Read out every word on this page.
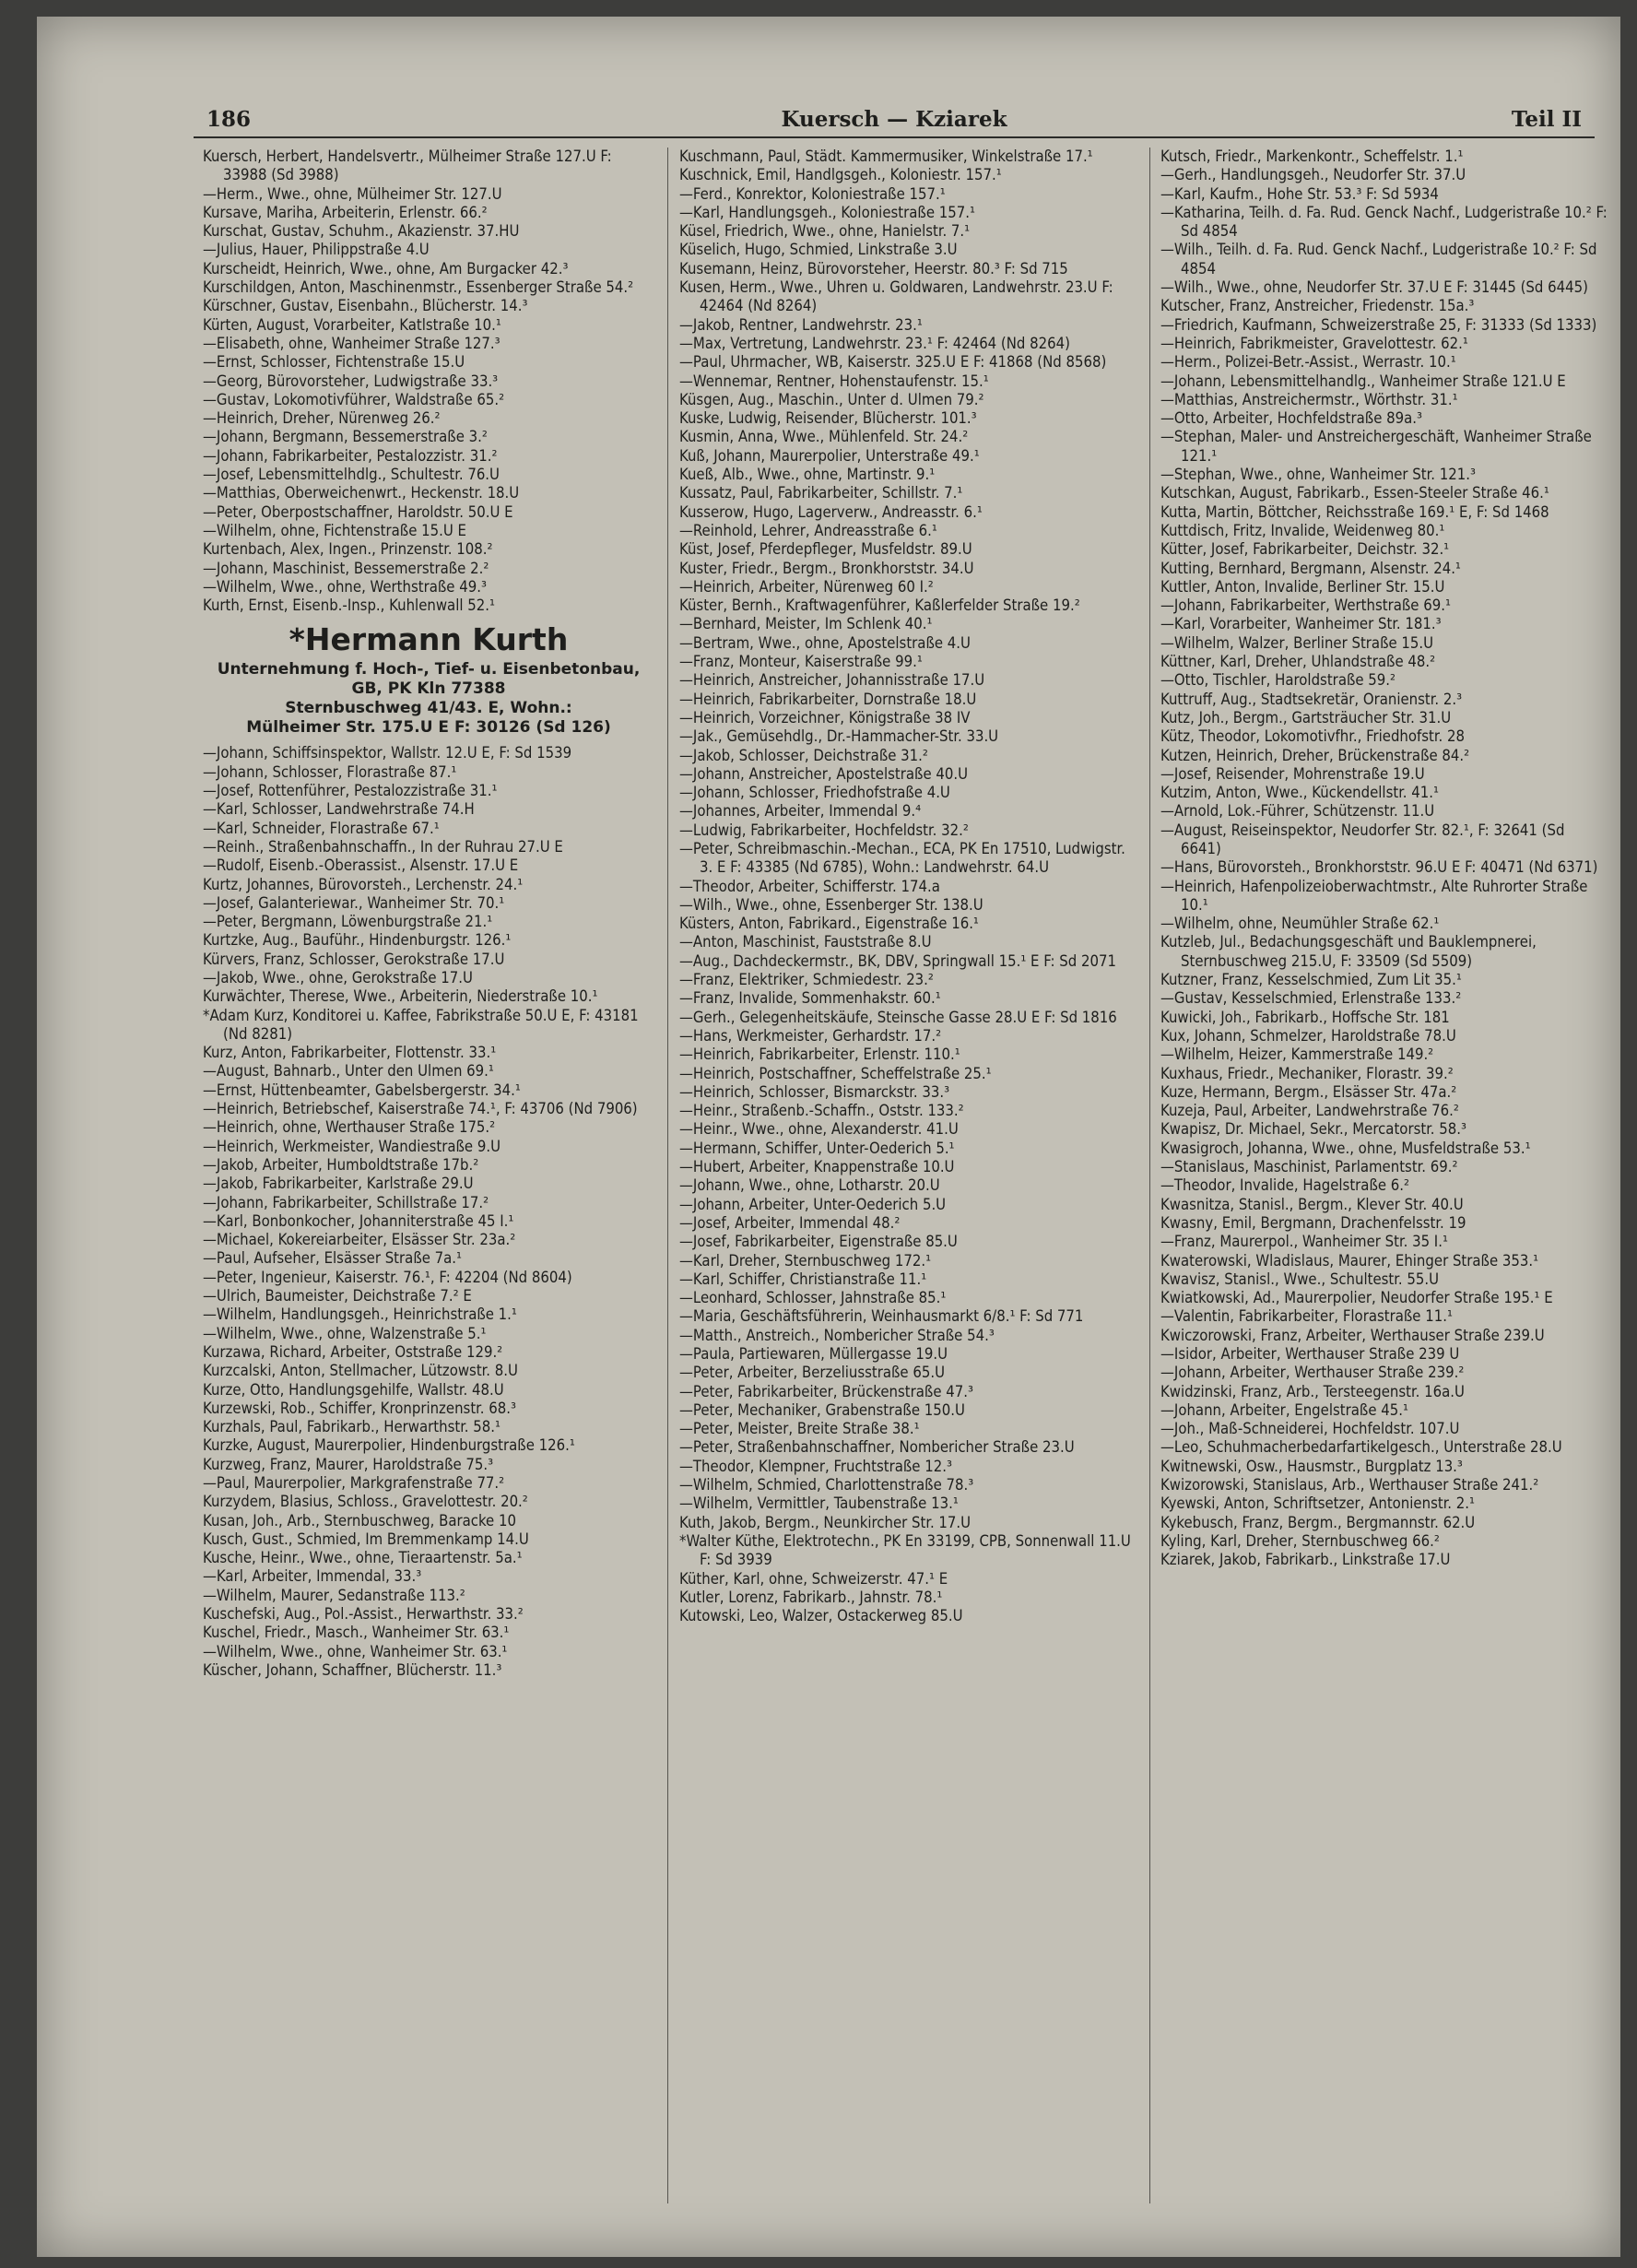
186	Kuersch — Kziarek	Teil II
Kuersch, Herbert, Handelsvertr., Mülheimer Straße 127.U F: 33988 (Sd 3988)
—Herm., Wwe., ohne, Mülheimer Str. 127.U
Kursave, Mariha, Arbeiterin, Erlenstr. 66.²
Kurschat, Gustav, Schuhm., Akazienstr. 37.HU
—Julius, Hauer, Philippstraße 4.U
Kurscheidt, Heinrich, Wwe., ohne, Am Burgacker 42.³
Kurschildgen, Anton, Maschinenmstr., Essenberger Straße 54.²
Kürschner, Gustav, Eisenbahn., Blücherstr. 14.³
Kürten, August, Vorarbeiter, Katlstraße 10.¹
—Elisabeth, ohne, Wanheimer Straße 127.³
—Ernst, Schlosser, Fichtenstraße 15.U
—Georg, Bürovorsteher, Ludwigstraße 33.³
—Gustav, Lokomotivführer, Waldstraße 65.²
—Heinrich, Dreher, Nürenweg 26.²
—Johann, Bergmann, Bessemerstraße 3.²
—Johann, Fabrikarbeiter, Pestalozzistr. 31.²
—Josef, Lebensmittelhdlg., Schultestr. 76.U
—Matthias, Oberweichenwrt., Heckenstr. 18.U
—Peter, Oberpostschaffner, Haroldstr. 50.U E
—Wilhelm, ohne, Fichtenstraße 15.U E
Kurtenbach, Alex, Ingen., Prinzenstr. 108.²
—Johann, Maschinist, Bessemerstraße 2.²
—Wilhelm, Wwe., ohne, Werthstraße 49.³
Kurth, Ernst, Eisenb.-Insp., Kuhlenwall 52.¹
*Hermann Kurth
Unternehmung f. Hoch-, Tief- u. Eisenbetonbau, GB, PK Kln 77388
Sternbuschweg 41/43. E, Wohn.:
Mülheimer Str. 175.U E F: 30126 (Sd 126)
—Johann, Schiffsinspektor, Wallstr. 12.U E, F: Sd 1539
—Johann, Schlosser, Florastraße 87.¹
—Josef, Rottenführer, Pestalozzistraße 31.¹
—Karl, Schlosser, Landwehrstraße 74.H
—Karl, Schneider, Florastraße 67.¹
—Reinh., Straßenbahnschaffn., In der Ruhrau 27.U E
—Rudolf, Eisenb.-Oberassist., Alsenstr. 17.U E
Kurtz, Johannes, Bürovorsteh., Lerchenstr. 24.¹
—Josef, Galanteriewar., Wanheimer Str. 70.¹
—Peter, Bergmann, Löwenburgstraße 21.¹
Kurtzke, Aug., Bauführ., Hindenburgstr. 126.¹
Kürvers, Franz, Schlosser, Gerokstraße 17.U
—Jakob, Wwe., ohne, Gerokstraße 17.U
Kurwächter, Therese, Wwe., Arbeiterin, Niederstraße 10.¹
*Adam Kurz, Konditorei u. Kaffee, Fabrikstraße 50.U E, F: 43181 (Nd 8281)
Kurz, Anton, Fabrikarbeiter, Flottenstr. 33.¹
—August, Bahnarb., Unter den Ulmen 69.¹
—Ernst, Hüttenbeamter, Gabelsbergerstr. 34.¹
—Heinrich, Betriebschef, Kaiserstraße 74.¹, F: 43706 (Nd 7906)
—Heinrich, ohne, Werthauser Straße 175.²
—Heinrich, Werkmeister, Wandiestraße 9.U
—Jakob, Arbeiter, Humboldtstraße 17b.²
—Jakob, Fabrikarbeiter, Karlstraße 29.U
—Johann, Fabrikarbeiter, Schillstraße 17.²
—Karl, Bonbonkocher, Johanniterstraße 45 I.¹
—Michael, Kokereiarbeiter, Elsässer Str. 23a.²
—Paul, Aufseher, Elsässer Straße 7a.¹
—Peter, Ingenieur, Kaiserstr. 76.¹, F: 42204 (Nd 8604)
—Ulrich, Baumeister, Deichstraße 7.² E
—Wilhelm, Handlungsgeh., Heinrichstraße 1.¹
—Wilhelm, Wwe., ohne, Walzenstraße 5.¹
Kurzawa, Richard, Arbeiter, Oststraße 129.²
Kurzcalski, Anton, Stellmacher, Lützowstr. 8.U
Kurze, Otto, Handlungsgehilfe, Wallstr. 48.U
Kurzewski, Rob., Schiffer, Kronprinzenstr. 68.³
Kurzhals, Paul, Fabrikarb., Herwarthstr. 58.¹
Kurzke, August, Maurerpolier, Hindenburgstraße 126.¹
Kurzweg, Franz, Maurer, Haroldstraße 75.³
—Paul, Maurerpolier, Markgrafenstraße 77.²
Kurzydem, Blasius, Schloss., Gravelottestr. 20.²
Kusan, Joh., Arb., Sternbuschweg, Baracke 10
Kusch, Gust., Schmied, Im Bremmenkamp 14.U
Kusche, Heinr., Wwe., ohne, Tieraartenstr. 5a.¹
—Karl, Arbeiter, Immendal, 33.³
—Wilhelm, Maurer, Sedanstraße 113.²
Kuschefski, Aug., Pol.-Assist., Herwarthstr. 33.²
Kuschel, Friedr., Masch., Wanheimer Str. 63.¹
—Wilhelm, Wwe., ohne, Wanheimer Str. 63.¹
Küscher, Johann, Schaffner, Blücherstr. 11.³
Kuschmann, Paul, Städt. Kammermusiker, Winkelstraße 17.¹
Kuschnick, Emil, Handlgsgeh., Koloniestr. 157.¹
—Ferd., Konrektor, Koloniestraße 157.¹
—Karl, Handlungsgeh., Koloniestraße 157.¹
Küsel, Friedrich, Wwe., ohne, Hanielstr. 7.¹
Küselich, Hugo, Schmied, Linkstraße 3.U
Kusemann, Heinz, Bürovorsteher, Heerstr. 80.³ F: Sd 715
Kusen, Herm., Wwe., Uhren u. Goldwaren, Landwehrstr. 23.U F: 42464 (Nd 8264)
—Jakob, Rentner, Landwehrstr. 23.¹
—Max, Vertretung, Landwehrstr. 23.¹ F: 42464 (Nd 8264)
—Paul, Uhrmacher, WB, Kaiserstr. 325.U E F: 41868 (Nd 8568)
—Wennemar, Rentner, Hohenstaufenstr. 15.¹
Küsgen, Aug., Maschin., Unter d. Ulmen 79.²
Kuske, Ludwig, Reisender, Blücherstr. 101.³
Kusmin, Anna, Wwe., Mühlenfeld. Str. 24.²
Kuß, Johann, Maurerpolier, Unterstraße 49.¹
Kueß, Alb., Wwe., ohne, Martinstr. 9.¹
Kussatz, Paul, Fabrikarbeiter, Schillstr. 7.¹
Kusserow, Hugo, Lagerverw., Andreasstr. 6.¹
—Reinhold, Lehrer, Andreasstraße 6.¹
Küst, Josef, Pferdepfleger, Musfeldstr. 89.U
Kuster, Friedr., Bergm., Bronkhorststr. 34.U
—Heinrich, Arbeiter, Nürenweg 60 I.²
Küster, Bernh., Kraftwagenführer, Kaßlerfelder Straße 19.²
—Bernhard, Meister, Im Schlenk 40.¹
—Bertram, Wwe., ohne, Apostelstraße 4.U
—Franz, Monteur, Kaiserstraße 99.¹
—Heinrich, Anstreicher, Johannisstraße 17.U
—Heinrich, Fabrikarbeiter, Dornstraße 18.U
—Heinrich, Vorzeichner, Königstraße 38 IV
—Jak., Gemüsehdlg., Dr.-Hammacher-Str. 33.U
—Jakob, Schlosser, Deichstraße 31.²
—Johann, Anstreicher, Apostelstraße 40.U
—Johann, Schlosser, Friedhofstraße 4.U
—Johannes, Arbeiter, Immendal 9.⁴
—Ludwig, Fabrikarbeiter, Hochfeldstr. 32.²
—Peter, Schreibmaschin.-Mechan., ECA, PK En 17510, Ludwigstr. 3. E F: 43385 (Nd 6785), Wohn.: Landwehrstr. 64.U
—Theodor, Arbeiter, Schifferstr. 174.a
—Wilh., Wwe., ohne, Essenberger Str. 138.U
Küsters, Anton, Fabrikard., Eigenstraße 16.¹
—Anton, Maschinist, Fauststraße 8.U
—Aug., Dachdeckermstr., BK, DBV, Springwall 15.¹ E F: Sd 2071
—Franz, Elektriker, Schmiedestr. 23.²
—Franz, Invalide, Sommenhakstr. 60.¹
—Gerh., Gelegenheitskäufe, Steinsche Gasse 28.U E F: Sd 1816
—Hans, Werkmeister, Gerhardstr. 17.²
—Heinrich, Fabrikarbeiter, Erlenstr. 110.¹
—Heinrich, Postschaffner, Scheffelstraße 25.¹
—Heinrich, Schlosser, Bismarckstr. 33.³
—Heinr., Straßenb.-Schaffn., Oststr. 133.²
—Heinr., Wwe., ohne, Alexanderstr. 41.U
—Hermann, Schiffer, Unter-Oederich 5.¹
—Hubert, Arbeiter, Knappenstraße 10.U
—Johann, Wwe., ohne, Lotharstr. 20.U
—Johann, Arbeiter, Unter-Oederich 5.U
—Josef, Arbeiter, Immendal 48.²
—Josef, Fabrikarbeiter, Eigenstraße 85.U
—Karl, Dreher, Sternbuschweg 172.¹
—Karl, Schiffer, Christianstraße 11.¹
—Leonhard, Schlosser, Jahnstraße 85.¹
—Maria, Geschäftsführerin, Weinhausmarkt 6/8.¹ F: Sd 771
—Matth., Anstreich., Nombericher Straße 54.³
—Paula, Partiewaren, Müllergasse 19.U
—Peter, Arbeiter, Berzeliusstraße 65.U
—Peter, Fabrikarbeiter, Brückenstraße 47.³
—Peter, Mechaniker, Grabenstraße 150.U
—Peter, Meister, Breite Straße 38.¹
—Peter, Straßenbahnschaffner, Nombericher Straße 23.U
—Theodor, Klempner, Fruchtstraße 12.³
—Wilhelm, Schmied, Charlottenstraße 78.³
—Wilhelm, Vermittler, Taubenstraße 13.¹
Kuth, Jakob, Bergm., Neunkircher Str. 17.U
*Walter Küthe, Elektrotechn., PK En 33199, CPB, Sonnenwall 11.U F: Sd 3939
Küther, Karl, ohne, Schweizerstr. 47.¹ E
Kutler, Lorenz, Fabrikarb., Jahnstr. 78.¹
Kutowski, Leo, Walzer, Ostackerweg 85.U
Kutsch, Friedr., Markenkontr., Scheffelstr. 1.¹
—Gerh., Handlungsgeh., Neudorfer Str. 37.U
—Karl, Kaufm., Hohe Str. 53.³ F: Sd 5934
—Katharina, Teilh. d. Fa. Rud. Genck Nachf., Ludgeristraße 10.² F: Sd 4854
—Wilh., Teilh. d. Fa. Rud. Genck Nachf., Ludgeristraße 10.² F: Sd 4854
—Wilh., Wwe., ohne, Neudorfer Str. 37.U E F: 31445 (Sd 6445)
Kutscher, Franz, Anstreicher, Friedenstr. 15a.³
—Friedrich, Kaufmann, Schweizerstraße 25, F: 31333 (Sd 1333)
—Heinrich, Fabrikmeister, Gravelottestr. 62.¹
—Herm., Polizei-Betr.-Assist., Werrastr. 10.¹
—Johann, Lebensmittelhandlg., Wanheimer Straße 121.U E
—Matthias, Anstreichermstr., Wörthstr. 31.¹
—Otto, Arbeiter, Hochfeldstraße 89a.³
—Stephan, Maler- und Anstreichergeschäft, Wanheimer Straße 121.¹
—Stephan, Wwe., ohne, Wanheimer Str. 121.³
Kutschkan, August, Fabrikarb., Essen-Steeler Straße 46.¹
Kutta, Martin, Böttcher, Reichsstraße 169.¹ E, F: Sd 1468
Kuttdisch, Fritz, Invalide, Weidenweg 80.¹
Kütter, Josef, Fabrikarbeiter, Deichstr. 32.¹
Kutting, Bernhard, Bergmann, Alsenstr. 24.¹
Kuttler, Anton, Invalide, Berliner Str. 15.U
—Johann, Fabrikarbeiter, Werthstraße 69.¹
—Karl, Vorarbeiter, Wanheimer Str. 181.³
—Wilhelm, Walzer, Berliner Straße 15.U
Küttner, Karl, Dreher, Uhlandstraße 48.²
—Otto, Tischler, Haroldstraße 59.²
Kuttruff, Aug., Stadtsekretär, Oranienstr. 2.³
Kutz, Joh., Bergm., Gartsträucher Str. 31.U
Kütz, Theodor, Lokomotivfhr., Friedhofstr. 28
Kutzen, Heinrich, Dreher, Brückenstraße 84.²
—Josef, Reisender, Mohrenstraße 19.U
Kutzim, Anton, Wwe., Kückendellstr. 41.¹
—Arnold, Lok.-Führer, Schützenstr. 11.U
—August, Reiseinspektor, Neudorfer Str. 82.¹, F: 32641 (Sd 6641)
—Hans, Bürovorsteh., Bronkhorststr. 96.U E F: 40471 (Nd 6371)
—Heinrich, Hafenpolizeioberwachtmstr., Alte Ruhrorter Straße 10.¹
—Wilhelm, ohne, Neumühler Straße 62.¹
Kutzleb, Jul., Bedachungsgeschäft und Bauklempnerei, Sternbuschweg 215.U, F: 33509 (Sd 5509)
Kutzner, Franz, Kesselschmied, Zum Lit 35.¹
—Gustav, Kesselschmied, Erlenstraße 133.²
Kuwicki, Joh., Fabrikarb., Hoffsche Str. 181
Kux, Johann, Schmelzer, Haroldstraße 78.U
—Wilhelm, Heizer, Kammerstraße 149.²
Kuxhaus, Friedr., Mechaniker, Florastr. 39.²
Kuze, Hermann, Bergm., Elsässer Str. 47a.²
Kuzeja, Paul, Arbeiter, Landwehrstraße 76.²
Kwapisz, Dr. Michael, Sekr., Mercatorstr. 58.³
Kwasigroch, Johanna, Wwe., ohne, Musfeldstraße 53.¹
—Stanislaus, Maschinist, Parlamentstr. 69.²
—Theodor, Invalide, Hagelstraße 6.²
Kwasnitza, Stanisl., Bergm., Klever Str. 40.U
Kwasny, Emil, Bergmann, Drachenfelsstr. 19
—Franz, Maurerpol., Wanheimer Str. 35 I.¹
Kwaterowski, Wladislaus, Maurer, Ehinger Straße 353.¹
Kwavisz, Stanisl., Wwe., Schultestr. 55.U
Kwiatkowski, Ad., Maurerpolier, Neudorfer Straße 195.¹ E
—Valentin, Fabrikarbeiter, Florastraße 11.¹
Kwiczorowski, Franz, Arbeiter, Werthauser Straße 239.U
—Isidor, Arbeiter, Werthauser Straße 239 U
—Johann, Arbeiter, Werthauser Straße 239.²
Kwidzinski, Franz, Arb., Tersteegenstr. 16a.U
—Johann, Arbeiter, Engelstraße 45.¹
—Joh., Maß-Schneiderei, Hochfeldstr. 107.U
—Leo, Schuhmacherbedarfartikelgesch., Unterstraße 28.U
Kwitnewski, Osw., Hausmstr., Burgplatz 13.³
Kwizorowski, Stanislaus, Arb., Werthauser Straße 241.²
Kyewski, Anton, Schriftsetzer, Antonienstr. 2.¹
Kykebusch, Franz, Bergm., Bergmannstr. 62.U
Kyling, Karl, Dreher, Sternbuschweg 66.²
Kziarek, Jakob, Fabrikarb., Linkstraße 17.U
